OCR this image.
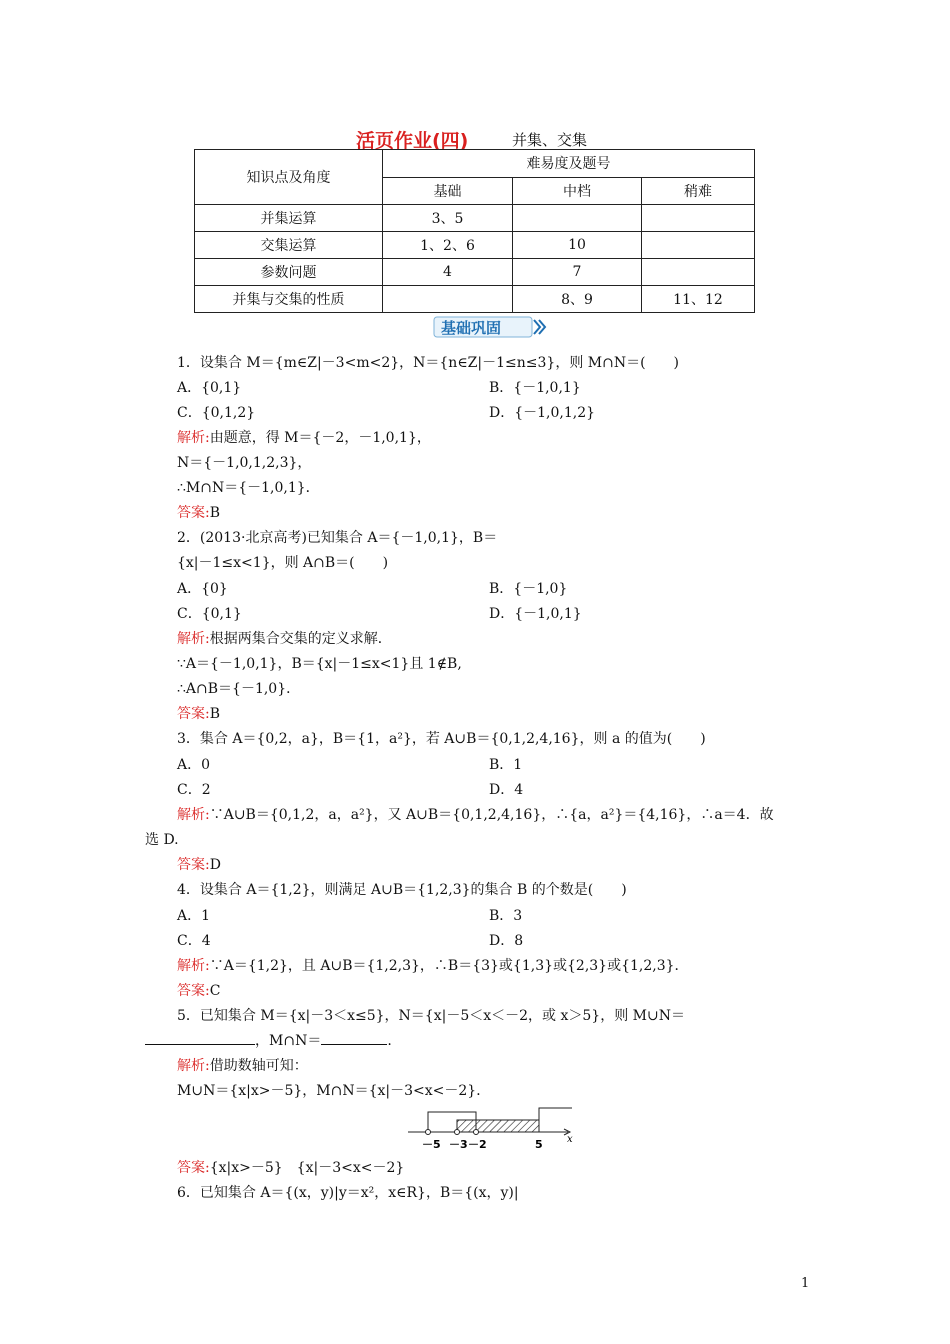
活页作业(四)	并集、交集
知识点及角度	难易度及题号		
	基础	中档	稍难
并集运算	3、5		
交集运算	1、2、6	10	
参数问题	4	7	
并集与交集的性质		8、9	11、12
基础巩固
1．设集合 M＝{m∈Z|－3<m<2}，N＝{n∈Z|－1≤n≤3}，则 M∩N＝(　　)
A．{0,1}	B．{－1,0,1}
C．{0,1,2}	D．{－1,0,1,2}
解析:由题意，得 M＝{－2，－1,0,1}，
N＝{－1,0,1,2,3}，
∴M∩N＝{－1,0,1}．
答案:B
2．(2013·北京高考)已知集合 A＝{－1,0,1}，B＝
{x|－1≤x<1}，则 A∩B＝(　　)
A．{0}	B．{－1,0}
C．{0,1}	D．{－1,0,1}
解析:根据两集合交集的定义求解．
∵A＝{－1,0,1}，B＝{x|－1≤x<1}且 1∉B,
∴A∩B＝{－1,0}．
答案:B
3．集合 A＝{0,2，a}，B＝{1，a²}，若 A∪B＝{0,1,2,4,16}，则 a 的值为(　　)
A．0	B．1
C．2	D．4
解析:∵A∪B＝{0,1,2，a，a²}，又 A∪B＝{0,1,2,4,16}，∴{a，a²}＝{4,16}，∴a＝4．故
选 D.
答案:D
4．设集合 A＝{1,2}，则满足 A∪B＝{1,2,3}的集合 B 的个数是(　　)
A．1	B．3
C．4	D．8
解析:∵A＝{1,2}，且 A∪B＝{1,2,3}，∴B＝{3}或{1,3}或{2,3}或{1,2,3}．
答案:C
5．已知集合 M＝{x|－3＜x≤5}，N＝{x|－5＜x＜－2，或 x＞5}，则 M∪N＝
，M∩N＝	.
解析:借助数轴可知：
M∪N＝{x|x>－5}，M∩N＝{x|－3<x<－2}．
－5 －3 －2	5 x
答案:{x|x>－5}　{x|－3<x<－2}
6．已知集合 A＝{(x，y)|y＝x²，x∈R}，B＝{(x，y)|
1
